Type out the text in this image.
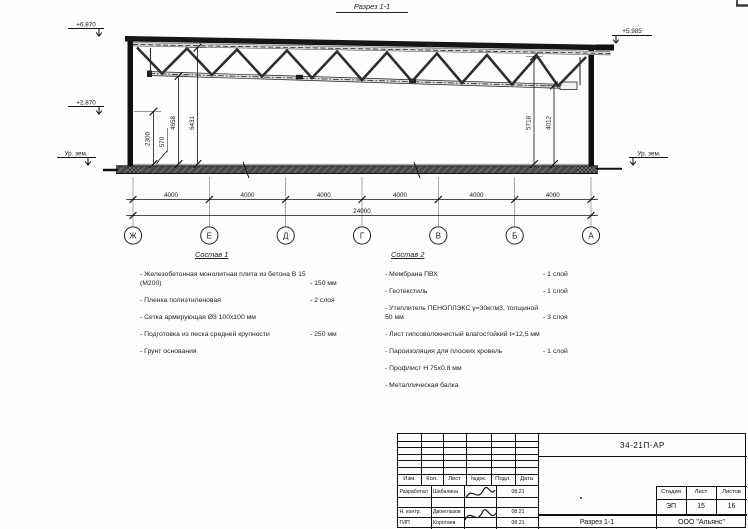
+6.870
+2.870
Ур. зем.
+5.985
Ур. зем.
2300 570
4658 6431	5718 4012
4000	4000	4000	4000	4000	4000
24000
Ж	Е	Д	Г	В	Б	А
Разрез 1-1
Состав 1
- Железобетонная монолитная плита из бетона В 15 (М200)	- 150 мм
- Пленка полиэтиленовая	- 2 слоя
- Сетка армирующая Ø3 100х100 мм
- Подготовка из песка средней крупности	- 250 мм
- Грунт основания
Состав 2
- Мембрана ПВХ	- 1 слой
- Геотекстиль	- 1 слой
- Утеплитель ПЕНОПЛЭКС γ=30кг/м3, толщиной 50 мм	- 3 слоя
- Лист гипсоволокнистый влагостойкий t=12,5 мм
- Пароизоляция для плоских кровель	- 1 слой
- Профлист Н 75х0.8 мм
- Металлическая балка
Изм.	Кол.	Лист	№док.	Подл.	Дата
Разработал	Шабалина	08.21
Н. контр.	Двоеглазов	08.21
ГИП	Коротаев	08.21
34-21П-АР
Стадия	Лист	Листов
ЭП	15	16
Разрез 1-1	ООО "Альянс"
